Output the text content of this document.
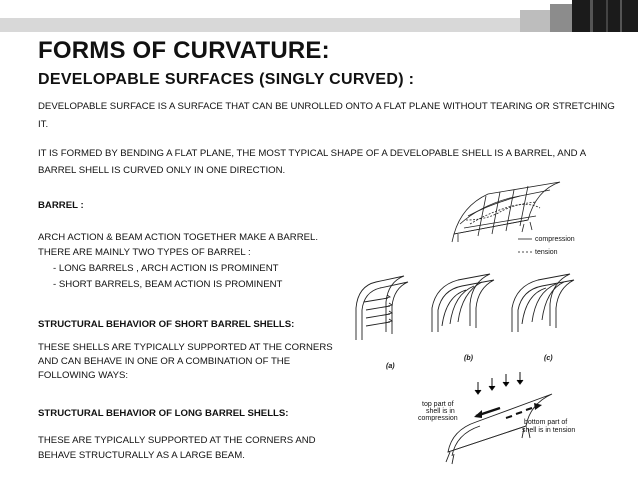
FORMS OF CURVATURE:
DEVELOPABLE SURFACES (SINGLY CURVED) :
DEVELOPABLE SURFACE IS A SURFACE THAT CAN BE UNROLLED ONTO A FLAT PLANE WITHOUT TEARING OR STRETCHING
IT.
IT IS FORMED BY BENDING A FLAT PLANE, THE MOST TYPICAL SHAPE OF A DEVELOPABLE SHELL IS A BARREL, AND A
BARREL SHELL IS CURVED ONLY IN ONE DIRECTION.
BARREL :
ARCH ACTION & BEAM ACTION TOGETHER MAKE A BARREL.
THERE ARE MAINLY TWO TYPES OF BARREL :
- LONG BARRELS , ARCH ACTION IS PROMINENT
- SHORT BARRELS, BEAM ACTION IS PROMINENT
STRUCTURAL BEHAVIOR OF SHORT BARREL SHELLS:
THESE SHELLS ARE TYPICALLY SUPPORTED AT THE CORNERS
AND CAN BEHAVE IN ONE OR A COMBINATION OF THE
FOLLOWING WAYS:
STRUCTURAL BEHAVIOR OF LONG BARREL SHELLS:
THESE ARE TYPICALLY SUPPORTED AT THE CORNERS AND
BEHAVE STRUCTURALLY AS A LARGE BEAM.
compression
tension
(a)
(b)	(c)
top part of
shell is in
compression
bottom part of
shell is in tension
